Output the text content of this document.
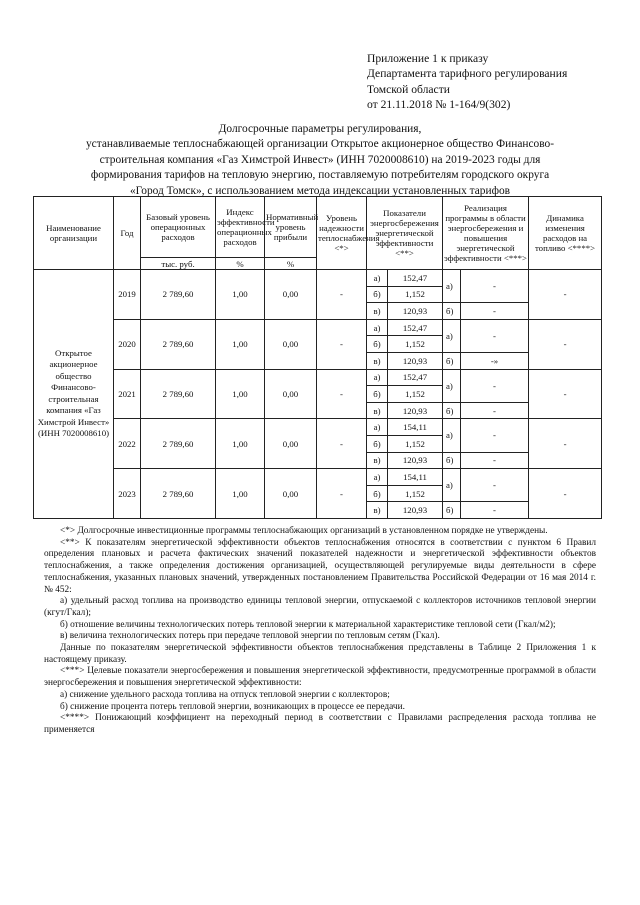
Приложение 1 к приказу
Департамента тарифного регулирования
Томской области
от 21.11.2018 № 1-164/9(302)
Долгосрочные параметры регулирования,
устанавливаемые теплоснабжающей организации Открытое акционерное общество Финансово-
строительная компания «Газ Химстрой Инвест» (ИНН 7020008610) на 2019-2023 годы для
формирования тарифов на тепловую энергию, поставляемую потребителям городского округа
«Город Томск», с использованием метода индексации установленных тарифов
Наименование организации	Год	Базовый уровень операционных расходов	Индекс эффективности операционных расходов	Нормативный уровень прибыли	Уровень надежности теплоснабжения <*>	Показатели энергосбережения энергетической эффективности <**>		Реализация программы в области энергосбережения и повышения энергетической эффективности <***>		Динамика изменения расходов на топливо <****>
		тыс. руб.	%	%						
Открытое акционерное общество Финансово-строительная компания «Газ Химстрой Инвест» (ИНН 7020008610)	2019	2 789,60	1,00	0,00	-	а)	152,47	а)	-	-
						б)	1,152			
						в)	120,93	б)	-	
	2020	2 789,60	1,00	0,00	-	а)	152,47	а)	-	-
						б)	1,152			
						в)	120,93	б)	-»	
	2021	2 789,60	1,00	0,00	-	а)	152,47	а)	-	-
						б)	1,152			
						в)	120,93	б)	-	
	2022	2 789,60	1,00	0,00	-	а)	154,11	а)	-	-
						б)	1,152			
						в)	120,93	б)	-	
	2023	2 789,60	1,00	0,00	-	а)	154,11	а)	-	-
						б)	1,152			
						в)	120,93	б)	-	

<*> Долгосрочные инвестиционные программы теплоснабжающих организаций в установленном порядке не утверждены.

<**> К показателям энергетической эффективности объектов теплоснабжения относятся в соответствии с пунктом 6 Правил определения плановых и расчета фактических значений показателей надежности и энергетической эффективности объектов теплоснабжения, а также определения достижения организацией, осуществляющей регулируемые виды деятельности в сфере теплоснабжения, указанных плановых значений, утвержденных постановлением Правительства Российской Федерации от 16 мая 2014 г. № 452:

а) удельный расход топлива на производство единицы тепловой энергии, отпускаемой с коллекторов источников тепловой энергии (кгут/Гкал);

б) отношение величины технологических потерь тепловой энергии к материальной характеристике тепловой сети (Гкал/м2);

в) величина технологических потерь при передаче тепловой энергии по тепловым сетям (Гкал).

Данные по показателям энергетической эффективности объектов теплоснабжения представлены в Таблице 2 Приложения 1 к настоящему приказу.

<***> Целевые показатели энергосбережения и повышения энергетической эффективности, предусмотренные программой в области энергосбережения и повышения энергетической эффективности:

а) снижение удельного расхода топлива на отпуск тепловой энергии с коллекторов;

б) снижение процента потерь тепловой энергии, возникающих в процессе ее передачи.

<****> Понижающий коэффициент на переходный период в соответствии с Правилами распределения расхода топлива не применяется
